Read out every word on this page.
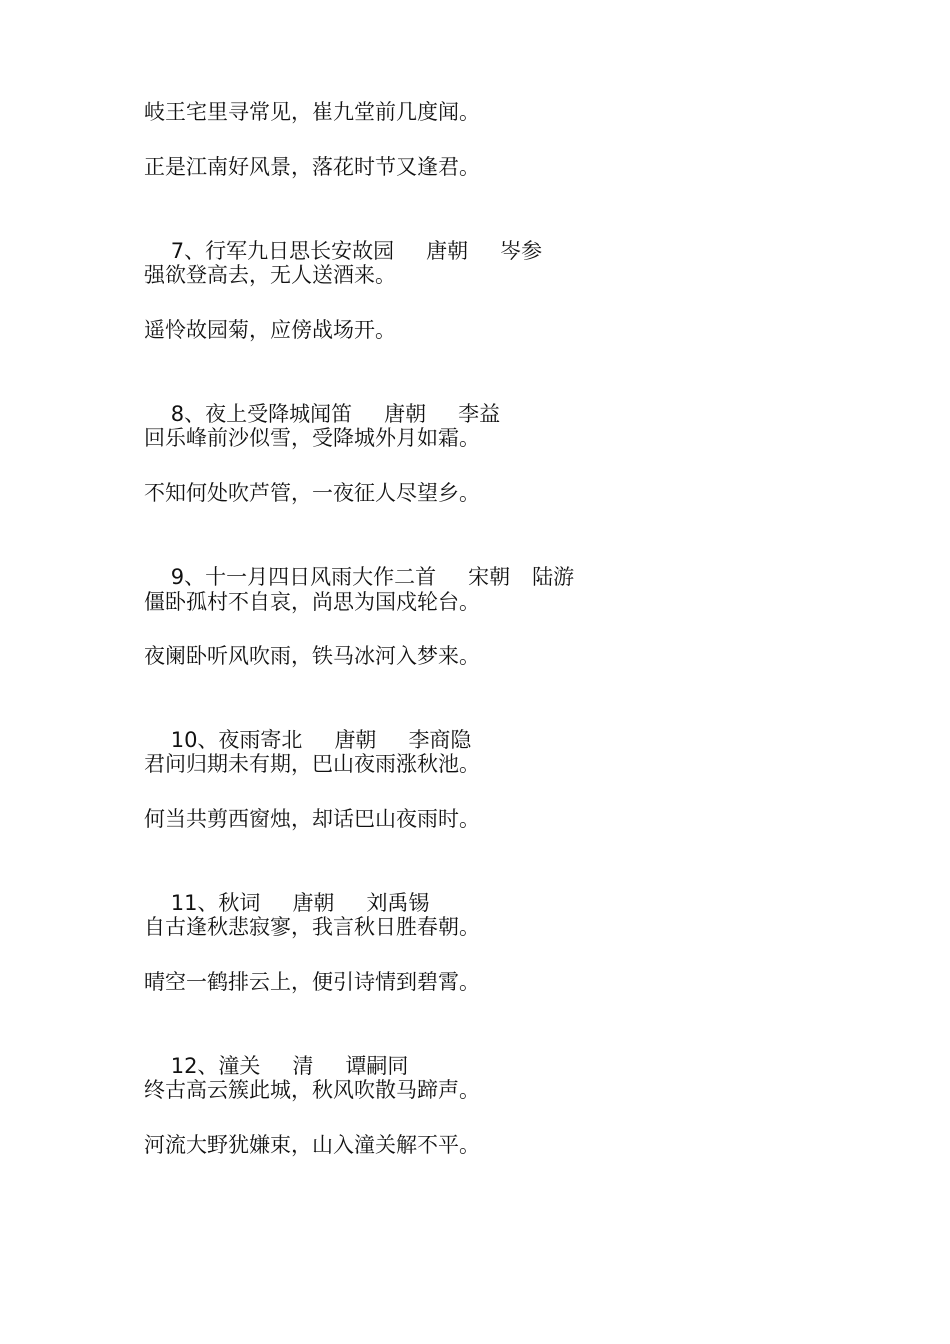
岐王宅里寻常见，崔九堂前几度闻。
正是江南好风景，落花时节又逢君。

7、行军九日思长安故园 唐朝 岑参

强欲登高去，无人送酒来。
遥怜故园菊，应傍战场开。

8、夜上受降城闻笛 唐朝 李益

回乐峰前沙似雪，受降城外月如霜。
不知何处吹芦管，一夜征人尽望乡。

9、十一月四日风雨大作二首 宋朝 陆游

僵卧孤村不自哀，尚思为国戍轮台。
夜阑卧听风吹雨，铁马冰河入梦来。

10、夜雨寄北 唐朝 李商隐

君问归期未有期，巴山夜雨涨秋池。
何当共剪西窗烛，却话巴山夜雨时。

11、秋词 唐朝 刘禹锡

自古逢秋悲寂寥，我言秋日胜春朝。
晴空一鹤排云上，便引诗情到碧霄。

12、潼关 清 谭嗣同

终古高云簇此城，秋风吹散马蹄声。
河流大野犹嫌束，山入潼关解不平。
